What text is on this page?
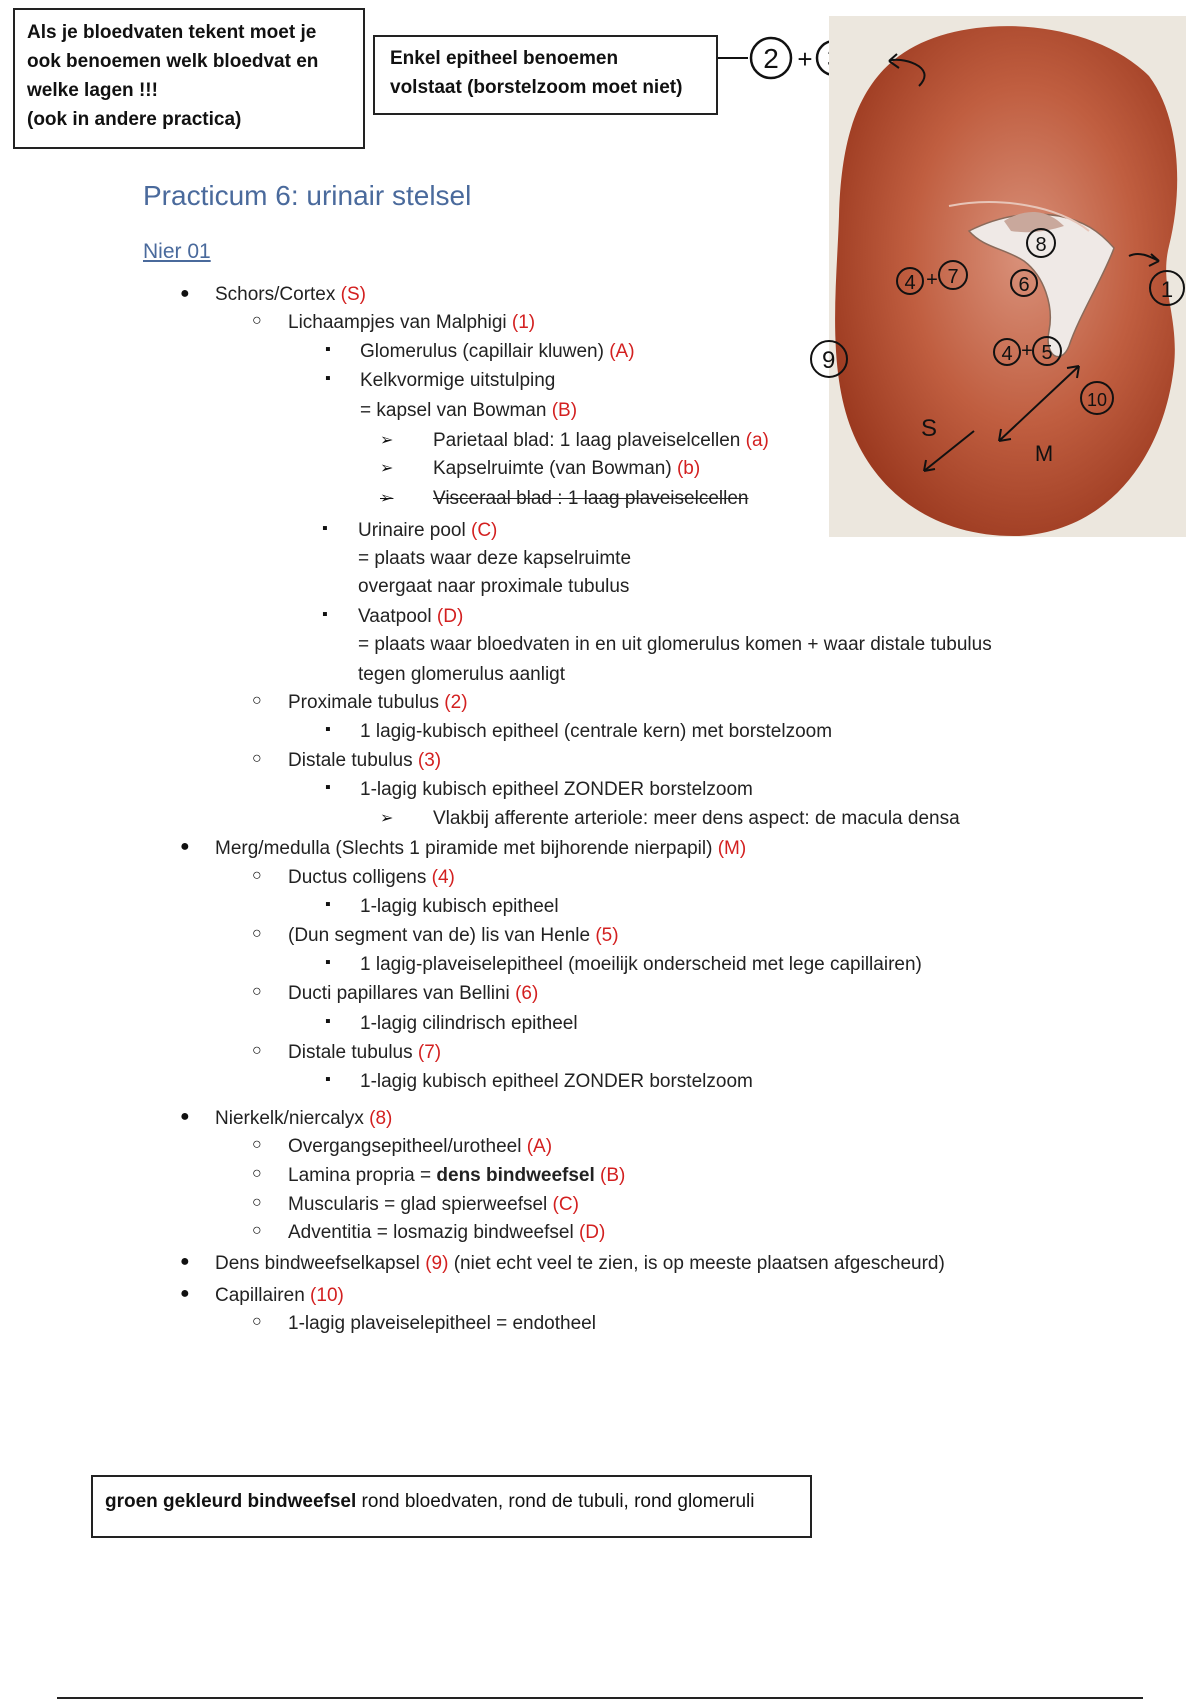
Als je bloedvaten tekent moet je
ook benoemen welk bloedvat en
welke lagen !!!
(ook in andere practica)
Enkel epitheel benoemen
volstaat (borstelzoom moet niet)
2 +
1
8
6
9
10
4 + 7
4 + 5
S
M
Practicum 6: urinair stelsel
Nier 01
● Schors/Cortex (S)
○ Lichaampjes van Malphigi (1)
▪ Glomerulus (capillair kluwen) (A)
▪ Kelkvormige uitstulping
= kapsel van Bowman (B)
➢ Parietaal blad: 1 laag plaveiselcellen (a)
➢ Kapselruimte (van Bowman) (b)
➢ Visceraal blad : 1 laag plaveiselcellen
▪ Urinaire pool (C)
= plaats waar deze kapselruimte
overgaat naar proximale tubulus
▪ Vaatpool (D)
= plaats waar bloedvaten in en uit glomerulus komen + waar distale tubulus
tegen glomerulus aanligt
○ Proximale tubulus (2)
▪ 1 lagig-kubisch epitheel (centrale kern) met borstelzoom
○ Distale tubulus (3)
▪ 1-lagig kubisch epitheel ZONDER borstelzoom
➢ Vlakbij afferente arteriole: meer dens aspect: de macula densa
● Merg/medulla (Slechts 1 piramide met bijhorende nierpapil) (M)
○ Ductus colligens (4)
▪ 1-lagig kubisch epitheel
○ (Dun segment van de) lis van Henle (5)
▪ 1 lagig-plaveiselepitheel (moeilijk onderscheid met lege capillairen)
○ Ducti papillares van Bellini (6)
▪ 1-lagig cilindrisch epitheel
○ Distale tubulus (7)
▪ 1-lagig kubisch epitheel ZONDER borstelzoom
● Nierkelk/niercalyx (8)
○ Overgangsepitheel/urotheel (A)
○ Lamina propria = dens bindweefsel (B)
○ Muscularis = glad spierweefsel (C)
○ Adventitia = losmazig bindweefsel (D)
● Dens bindweefselkapsel (9) (niet echt veel te zien, is op meeste plaatsen afgescheurd)
● Capillairen (10)
○ 1-lagig plaveiselepitheel = endotheel
groen gekleurd bindweefsel rond bloedvaten, rond de tubuli, rond glomeruli
